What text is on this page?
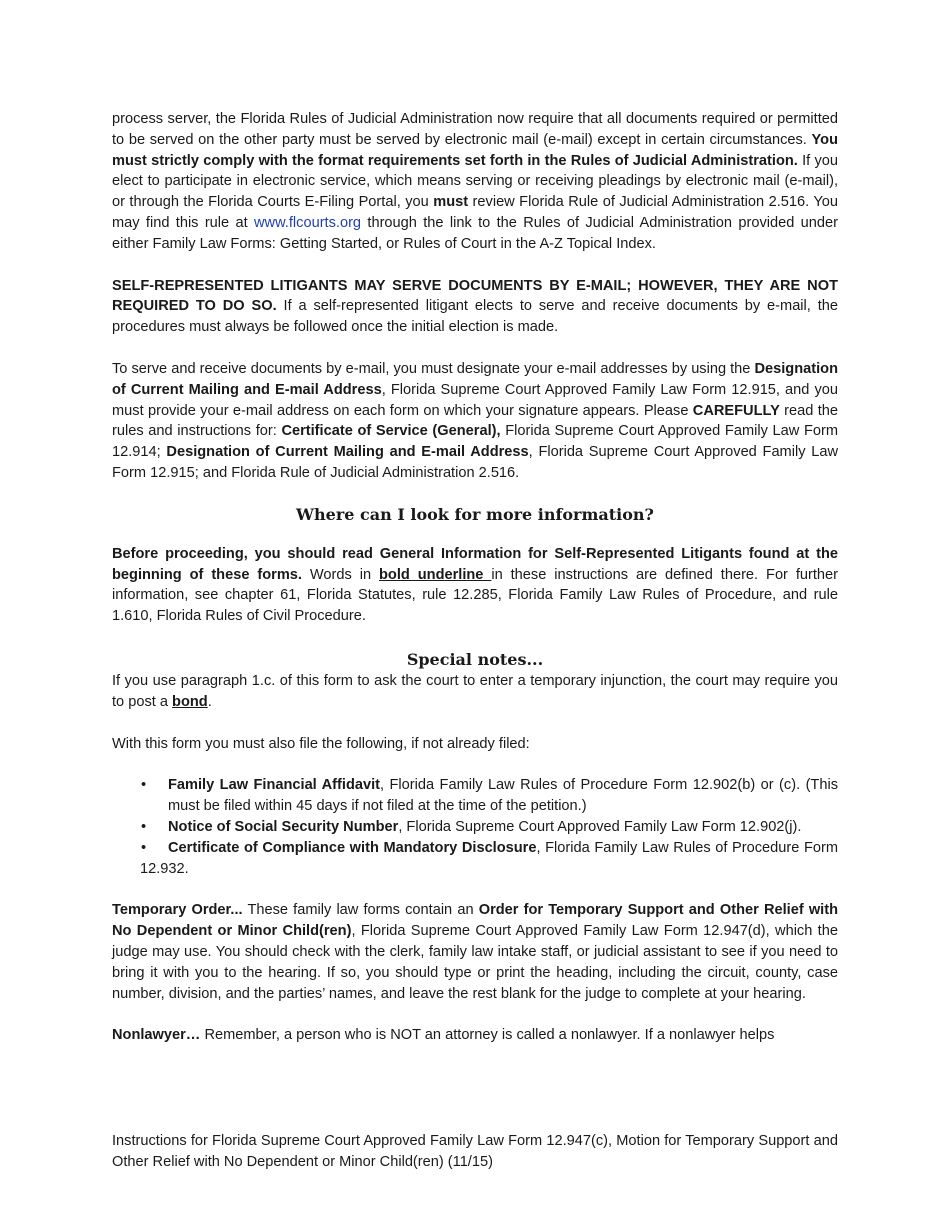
process server, the Florida Rules of Judicial Administration now require that all documents required or permitted to be served on the other party must be served by electronic mail (e-mail) except in certain circumstances. You must strictly comply with the format requirements set forth in the Rules of Judicial Administration. If you elect to participate in electronic service, which means serving or receiving pleadings by electronic mail (e-mail), or through the Florida Courts E-Filing Portal, you must review Florida Rule of Judicial Administration 2.516. You may find this rule at www.flcourts.org through the link to the Rules of Judicial Administration provided under either Family Law Forms: Getting Started, or Rules of Court in the A-Z Topical Index.

SELF-REPRESENTED LITIGANTS MAY SERVE DOCUMENTS BY E-MAIL; HOWEVER, THEY ARE NOT REQUIRED TO DO SO. If a self-represented litigant elects to serve and receive documents by e-mail, the procedures must always be followed once the initial election is made.

To serve and receive documents by e-mail, you must designate your e-mail addresses by using the Designation of Current Mailing and E-mail Address, Florida Supreme Court Approved Family Law Form 12.915, and you must provide your e-mail address on each form on which your signature appears. Please CAREFULLY read the rules and instructions for: Certificate of Service (General), Florida Supreme Court Approved Family Law Form 12.914; Designation of Current Mailing and E-mail Address, Florida Supreme Court Approved Family Law Form 12.915; and Florida Rule of Judicial Administration 2.516.

Where can I look for more information?

Before proceeding, you should read General Information for Self-Represented Litigants found at the beginning of these forms. Words in bold underline in these instructions are defined there. For further information, see chapter 61, Florida Statutes, rule 12.285, Florida Family Law Rules of Procedure, and rule 1.610, Florida Rules of Civil Procedure.

Special notes...

If you use paragraph 1.c. of this form to ask the court to enter a temporary injunction, the court may require you to post a bond.

With this form you must also file the following, if not already filed:

• Family Law Financial Affidavit, Florida Family Law Rules of Procedure Form 12.902(b) or (c). (This must be filed within 45 days if not filed at the time of the petition.)
• Notice of Social Security Number, Florida Supreme Court Approved Family Law Form 12.902(j).
• Certificate of Compliance with Mandatory Disclosure, Florida Family Law Rules of Procedure Form 12.932.

Temporary Order... These family law forms contain an Order for Temporary Support and Other Relief with No Dependent or Minor Child(ren), Florida Supreme Court Approved Family Law Form 12.947(d), which the judge may use. You should check with the clerk, family law intake staff, or judicial assistant to see if you need to bring it with you to the hearing. If so, you should type or print the heading, including the circuit, county, case number, division, and the parties’ names, and leave the rest blank for the judge to complete at your hearing.

Nonlawyer… Remember, a person who is NOT an attorney is called a nonlawyer. If a nonlawyer helps

Instructions for Florida Supreme Court Approved Family Law Form 12.947(c), Motion for Temporary Support and Other Relief with No Dependent or Minor Child(ren) (11/15)
